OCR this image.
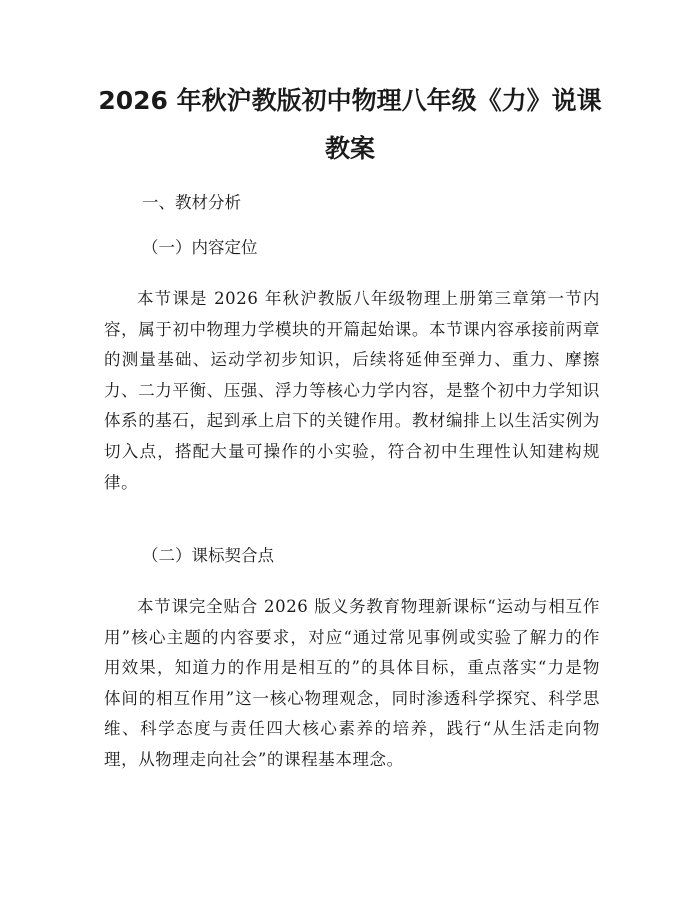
2026 年秋沪教版初中物理八年级《力》说课
教案

一、教材分析

（一）内容定位

本节课是 2026 年秋沪教版八年级物理上册第三章第一节内容，属于初中物理力学模块的开篇起始课。本节课内容承接前两章的测量基础、运动学初步知识，后续将延伸至弹力、重力、摩擦力、二力平衡、压强、浮力等核心力学内容，是整个初中力学知识体系的基石，起到承上启下的关键作用。教材编排上以生活实例为切入点，搭配大量可操作的小实验，符合初中生理性认知建构规律。

（二）课标契合点

本节课完全贴合 2026 版义务教育物理新课标“运动与相互作用”核心主题的内容要求，对应“通过常见事例或实验了解力的作用效果，知道力的作用是相互的”的具体目标，重点落实“力是物体间的相互作用”这一核心物理观念，同时渗透科学探究、科学思维、科学态度与责任四大核心素养的培养，践行“从生活走向物理，从物理走向社会”的课程基本理念。
